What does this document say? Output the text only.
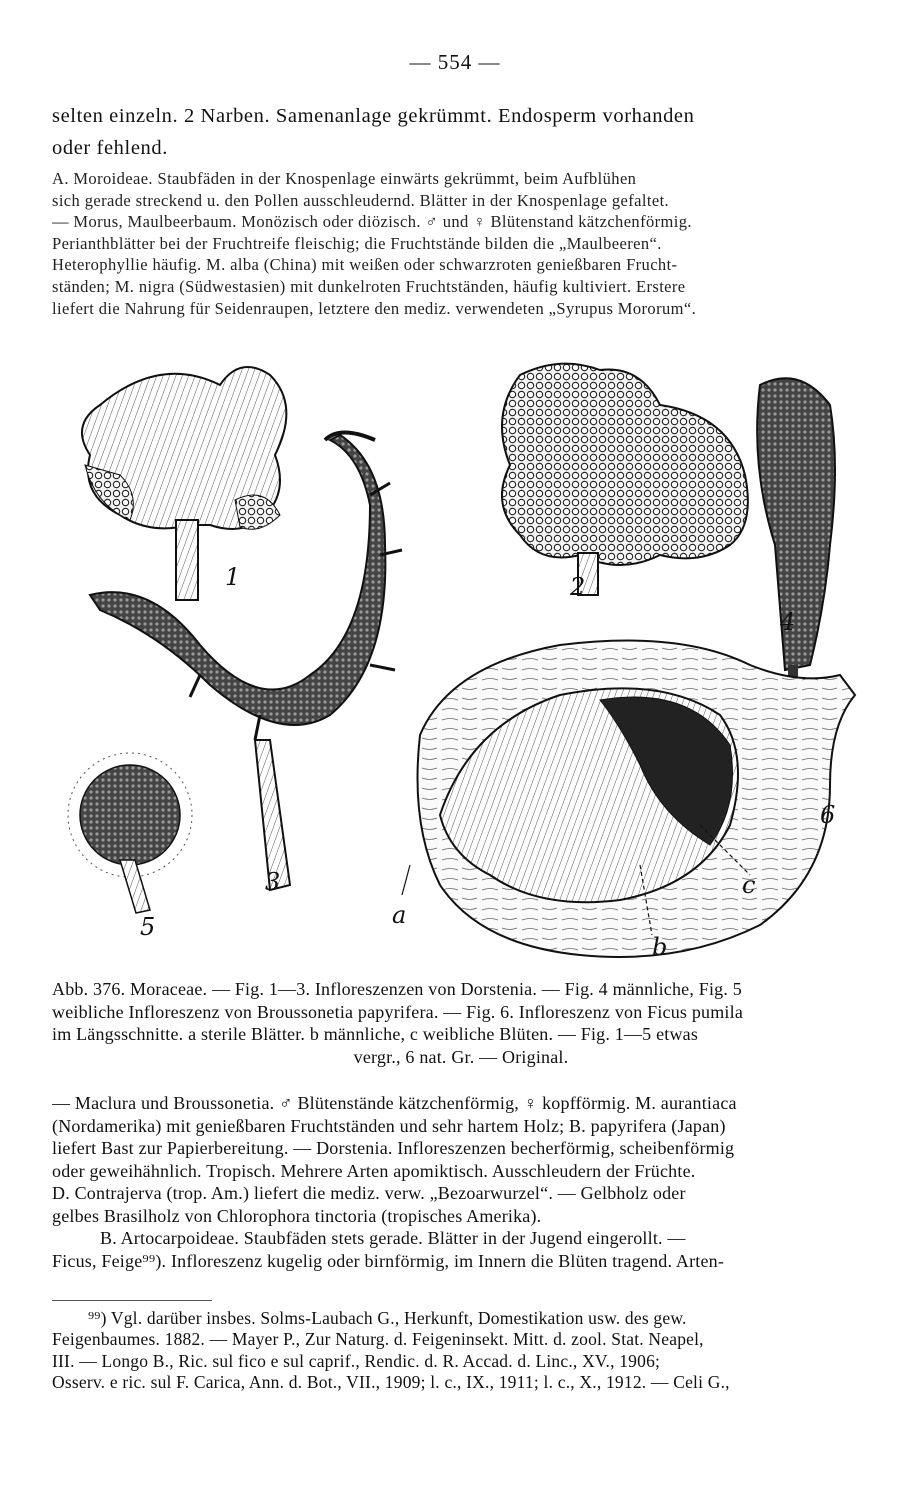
— 554 —
selten einzeln. 2 Narben. Samenanlage gekrümmt. Endosperm vorhanden
oder fehlend.
A. Moroideae. Staubfäden in der Knospenlage einwärts gekrümmt, beim Aufblühen
sich gerade streckend u. den Pollen ausschleudernd. Blätter in der Knospenlage gefaltet.
— Morus, Maulbeerbaum. Monözisch oder diözisch. ♂ und ♀ Blütenstand kätzchenförmig.
Perianthblätter bei der Fruchtreife fleischig; die Fruchtstände bilden die „Maulbeeren“.
Heterophyllie häufig. M. alba (China) mit weißen oder schwarzroten genießbaren Frucht-
ständen; M. nigra (Südwestasien) mit dunkelroten Fruchtständen, häufig kultiviert. Erstere
liefert die Nahrung für Seidenraupen, letztere den mediz. verwendeten „Syrupus Mororum“.
1	2
3
4
5
6
a
b
c
Abb. 376. Moraceae. — Fig. 1—3. Infloreszenzen von Dorstenia. — Fig. 4 männliche, Fig. 5
weibliche Infloreszenz von Broussonetia papyrifera. — Fig. 6. Infloreszenz von Ficus pumila
im Längsschnitte. a sterile Blätter. b männliche, c weibliche Blüten. — Fig. 1—5 etwas
vergr., 6 nat. Gr. — Original.
— Maclura und Broussonetia. ♂ Blütenstände kätzchenförmig, ♀ kopfförmig. M. aurantiaca
(Nordamerika) mit genießbaren Fruchtständen und sehr hartem Holz; B. papyrifera (Japan)
liefert Bast zur Papierbereitung. — Dorstenia. Infloreszenzen becherförmig, scheibenförmig
oder geweihähnlich. Tropisch. Mehrere Arten apomiktisch. Ausschleudern der Früchte.
D. Contrajerva (trop. Am.) liefert die mediz. verw. „Bezoarwurzel“. — Gelbholz oder
gelbes Brasilholz von Chlorophora tinctoria (tropisches Amerika).
B. Artocarpoideae. Staubfäden stets gerade. Blätter in der Jugend eingerollt. —
Ficus, Feige⁹⁹). Infloreszenz kugelig oder birnförmig, im Innern die Blüten tragend. Arten-
⁹⁹) Vgl. darüber insbes. Solms-Laubach G., Herkunft, Domestikation usw. des gew.
Feigenbaumes. 1882. — Mayer P., Zur Naturg. d. Feigeninsekt. Mitt. d. zool. Stat. Neapel,
III. — Longo B., Ric. sul fico e sul caprif., Rendic. d. R. Accad. d. Linc., XV., 1906;
Osserv. e ric. sul F. Carica, Ann. d. Bot., VII., 1909; l. c., IX., 1911; l. c., X., 1912. — Celi G.,
